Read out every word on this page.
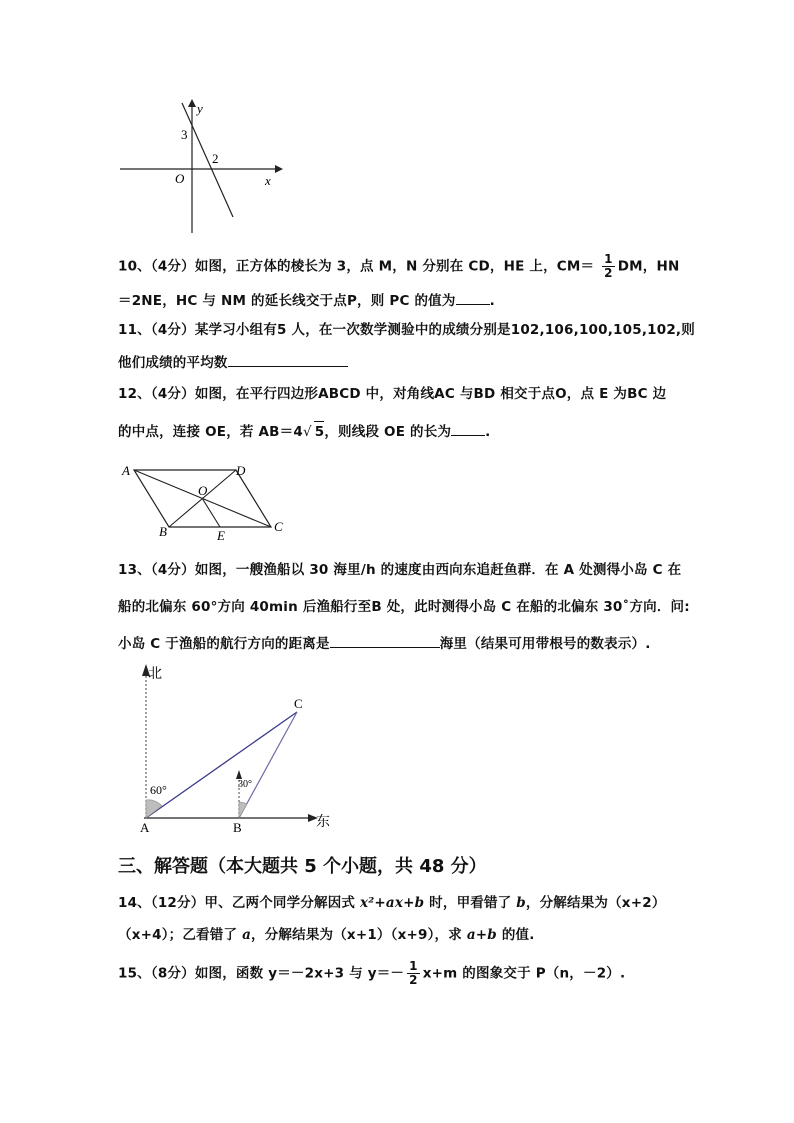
y
x
O
3
2
10、（4分）如图，正方体的棱长为 3，点 M，N 分别在 CD，HE 上，$CM= \frac{1}{2}$ DM，HN
＝2NE，HC 与 NM 的延长线交于点P，则 PC 的值为	.
11、（4分）某学习小组有5 人，在一次数学测验中的成绩分别是102,106,100,105,102,则
他们成绩的平均数
12、（4分）如图，在平行四边形ABCD 中，对角线AC 与BD 相交于点O，点 E 为BC 边
的中点，连接 OE，若 AB＝4√ 5，则线段 OE 的长为	.
A	D
O
B	E
C
13、（4分）如图，一艘渔船以 30 海里/h 的速度由西向东追赶鱼群．在 A 处测得小岛 C 在
船的北偏东 60°方向 40min 后渔船行至B 处，此时测得小岛 C 在船的北偏东 30˚方向．问:
小岛 C 于渔船的航行方向的距离是	海里（结果可用带根号的数表示）.
北
东
60°	30°
A	B
C
三、解答题（本大题共 5 个小题，共 48 分）
14、（12分）甲、乙两个同学分解因式 x²+ax+b 时，甲看错了 b，分解结果为（x+2）
（x+4）；乙看错了 a，分解结果为（x+1）（x+9），求 a+b 的值.
15、（8分）如图，函数 y＝－2x+3 与 $y=- \frac{1}{2} x+m$ 的图象交于 P（n，－2）.
